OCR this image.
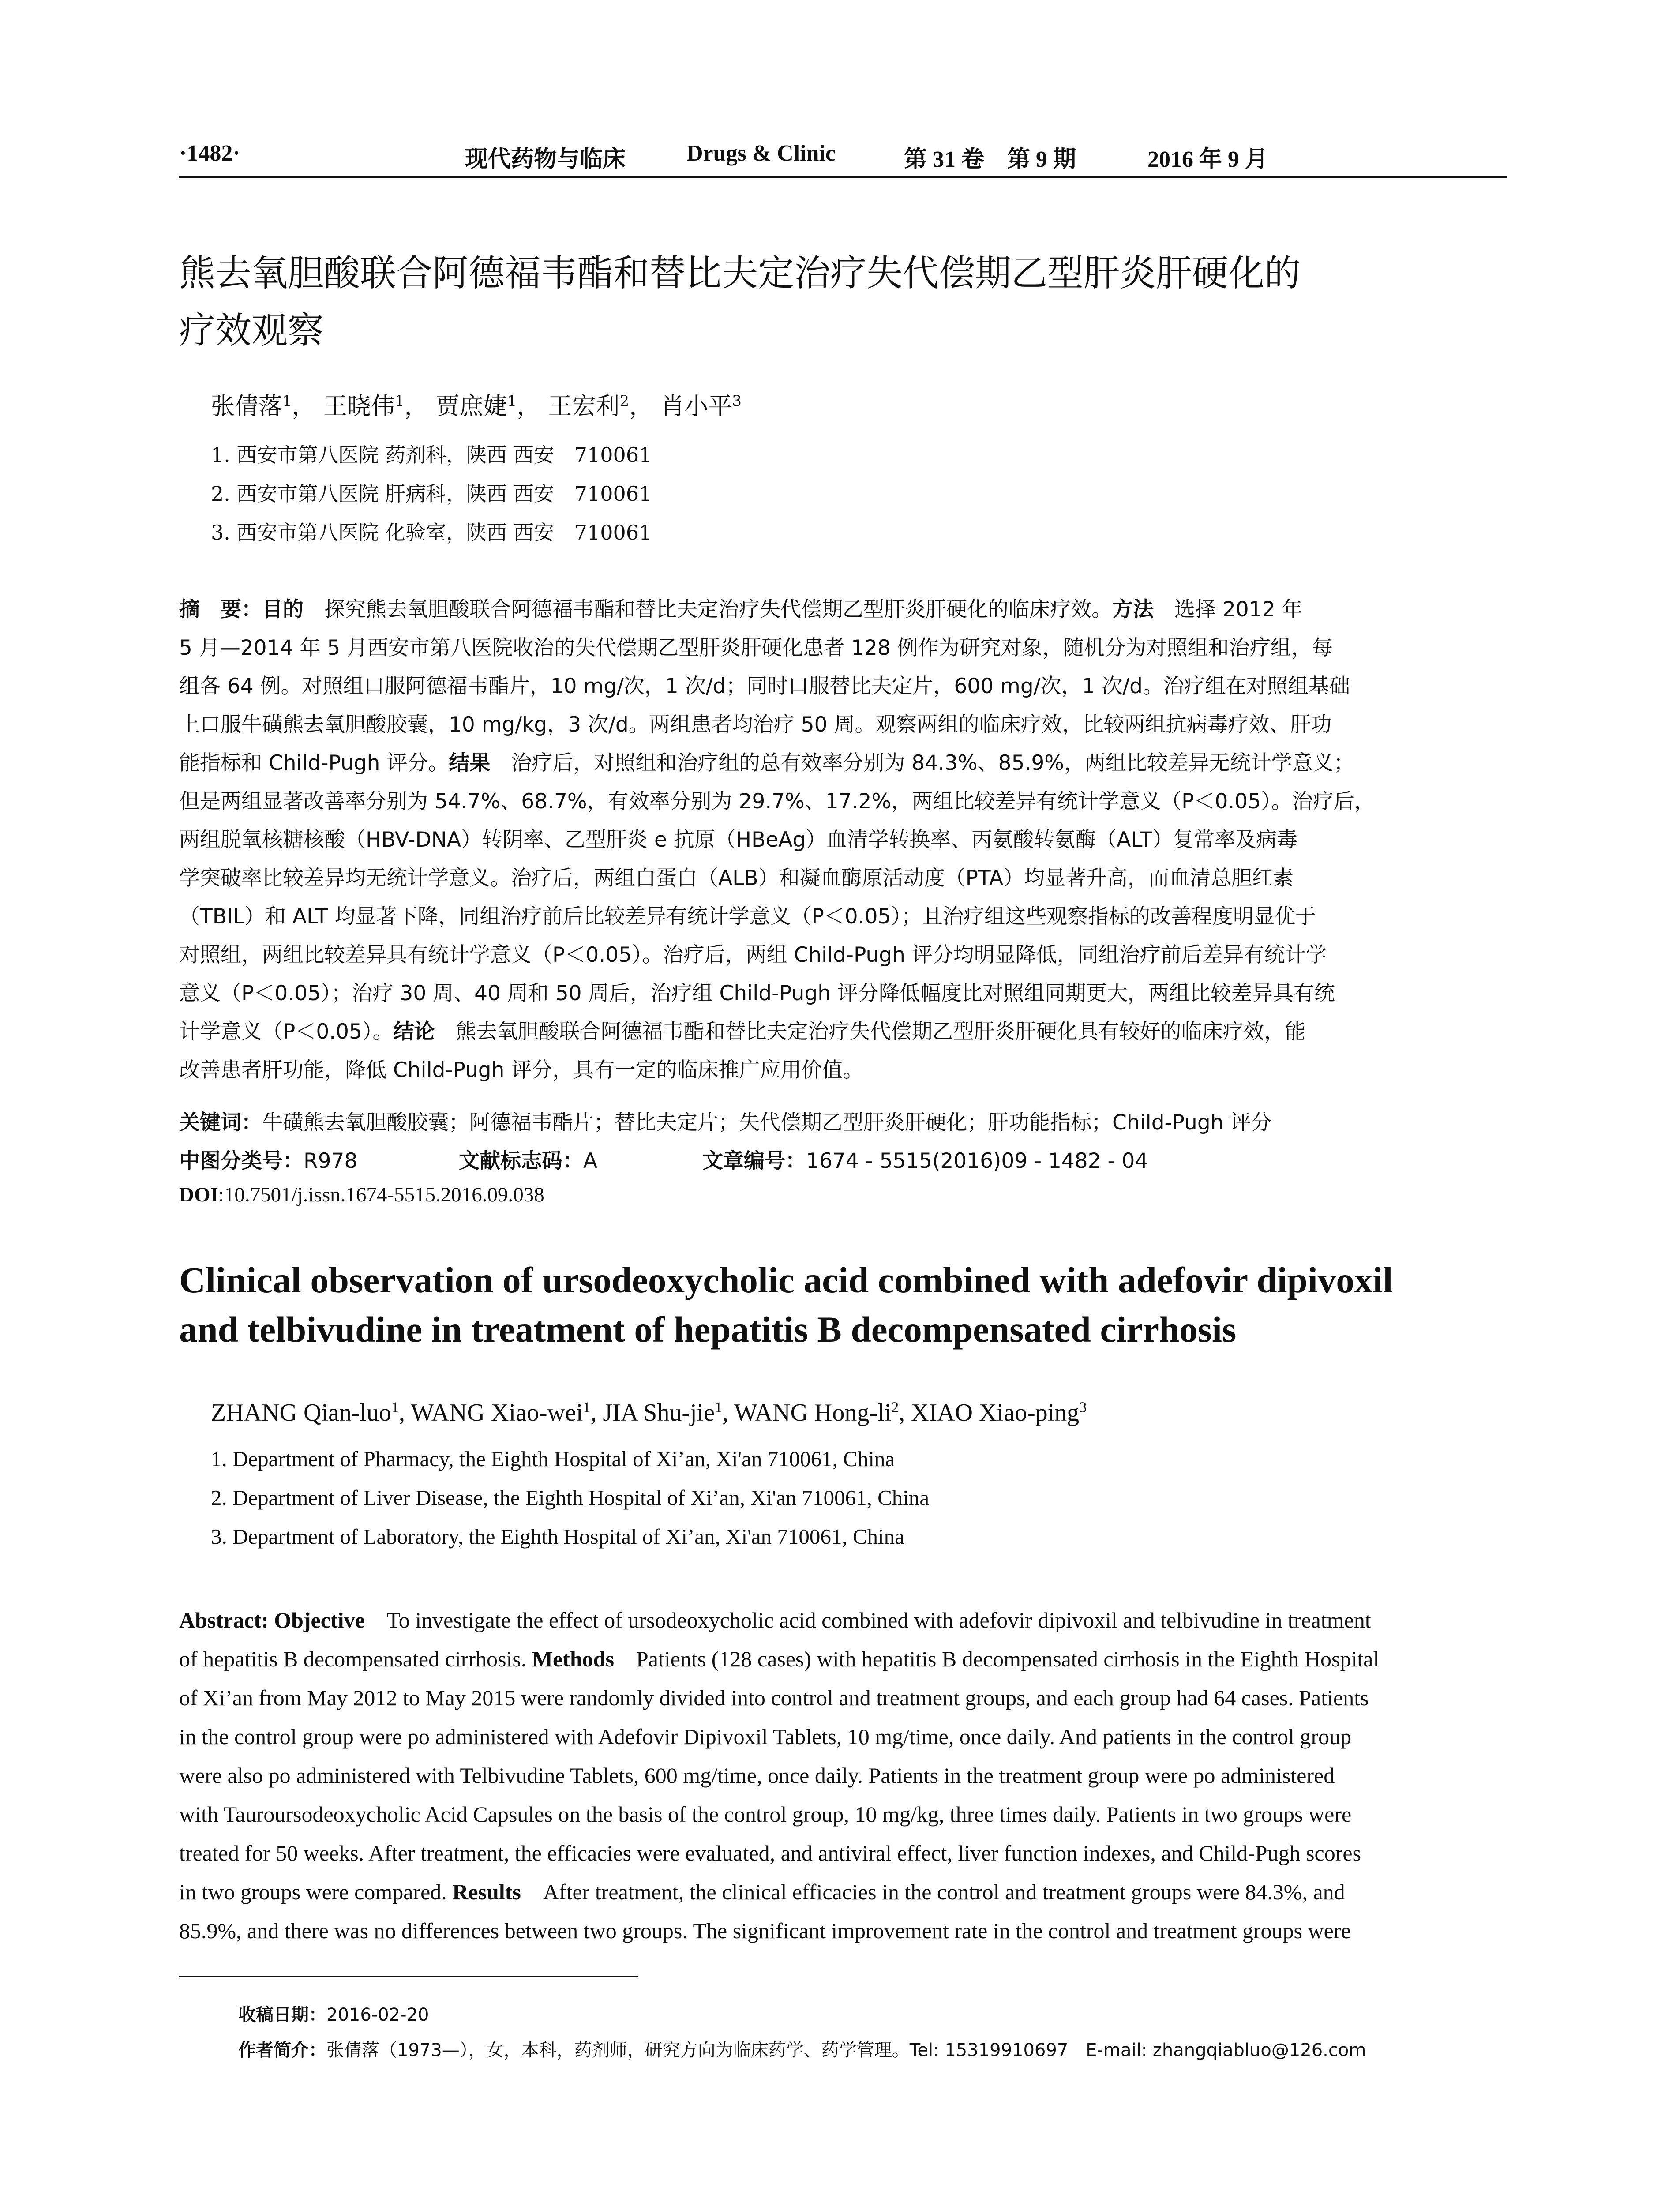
·1482·	现代药物与临床	Drugs & Clinic	第 31 卷　第 9 期	2016 年 9 月
熊去氧胆酸联合阿德福韦酯和替比夫定治疗失代偿期乙型肝炎肝硬化的
疗效观察
张倩落$^1$， 王晓伟$^1$， 贾庶婕$^1$， 王宏利$^2$， 肖小平$^3$
1. 西安市第八医院 药剂科，陕西 西安　710061
2. 西安市第八医院 肝病科，陕西 西安　710061
3. 西安市第八医院 化验室，陕西 西安　710061
摘　要：目的　探究熊去氧胆酸联合阿德福韦酯和替比夫定治疗失代偿期乙型肝炎肝硬化的临床疗效。方法　选择 2012 年
5 月—2014 年 5 月西安市第八医院收治的失代偿期乙型肝炎肝硬化患者 128 例作为研究对象，随机分为对照组和治疗组，每
组各 64 例。对照组口服阿德福韦酯片，10 mg/次，1 次/d；同时口服替比夫定片，600 mg/次，1 次/d。治疗组在对照组基础
上口服牛磺熊去氧胆酸胶囊，10 mg/kg，3 次/d。两组患者均治疗 50 周。观察两组的临床疗效，比较两组抗病毒疗效、肝功
能指标和 Child-Pugh 评分。结果　治疗后，对照组和治疗组的总有效率分别为 84.3%、85.9%，两组比较差异无统计学意义；
但是两组显著改善率分别为 54.7%、68.7%，有效率分别为 29.7%、17.2%，两组比较差异有统计学意义（P＜0.05）。治疗后，
两组脱氧核糖核酸（HBV-DNA）转阴率、乙型肝炎 e 抗原（HBeAg）血清学转换率、丙氨酸转氨酶（ALT）复常率及病毒
学突破率比较差异均无统计学意义。治疗后，两组白蛋白（ALB）和凝血酶原活动度（PTA）均显著升高，而血清总胆红素
（TBIL）和 ALT 均显著下降，同组治疗前后比较差异有统计学意义（P＜0.05）；且治疗组这些观察指标的改善程度明显优于
对照组，两组比较差异具有统计学意义（P＜0.05）。治疗后，两组 Child-Pugh 评分均明显降低，同组治疗前后差异有统计学
意义（P＜0.05）；治疗 30 周、40 周和 50 周后，治疗组 Child-Pugh 评分降低幅度比对照组同期更大，两组比较差异具有统
计学意义（P＜0.05）。结论　熊去氧胆酸联合阿德福韦酯和替比夫定治疗失代偿期乙型肝炎肝硬化具有较好的临床疗效，能
改善患者肝功能，降低 Child-Pugh 评分，具有一定的临床推广应用价值。
关键词：牛磺熊去氧胆酸胶囊；阿德福韦酯片；替比夫定片；失代偿期乙型肝炎肝硬化；肝功能指标；Child-Pugh 评分
中图分类号：R978	文献标志码：A	文章编号：1674 - 5515(2016)09 - 1482 - 04
DOI:10.7501/j.issn.1674-5515.2016.09.038
Clinical observation of ursodeoxycholic acid combined with adefovir dipivoxil
and telbivudine in treatment of hepatitis B decompensated cirrhosis
ZHANG Qian-luo$^1$, WANG Xiao-wei$^1$, JIA Shu-jie$^1$, WANG Hong-$li^2$, XIAO Xiao-ping$^3$
1. Department of Pharmacy, the Eighth Hospital of Xi’an, Xi'an 710061, China
2. Department of Liver Disease, the Eighth Hospital of Xi’an, Xi'an 710061, China
3. Department of Laboratory, the Eighth Hospital of Xi’an, Xi'an 710061, China
Abstract: Objective　To investigate the effect of ursodeoxycholic acid combined with adefovir dipivoxil and telbivudine in treatment
of hepatitis B decompensated cirrhosis. Methods　Patients (128 cases) with hepatitis B decompensated cirrhosis in the Eighth Hospital
of Xi’an from May 2012 to May 2015 were randomly divided into control and treatment groups, and each group had 64 cases. Patients
in the control group were po administered with Adefovir Dipivoxil Tablets, 10 mg/time, once daily. And patients in the control group
were also po administered with Telbivudine Tablets, 600 mg/time, once daily. Patients in the treatment group were po administered
with Tauroursodeoxycholic Acid Capsules on the basis of the control group, 10 mg/kg, three times daily. Patients in two groups were
treated for 50 weeks. After treatment, the efficacies were evaluated, and antiviral effect, liver function indexes, and Child-Pugh scores
in two groups were compared. Results　After treatment, the clinical efficacies in the control and treatment groups were 84.3%, and
85.9%, and there was no differences between two groups. The significant improvement rate in the control and treatment groups were
收稿日期：2016-02-20
作者简介：张倩落（1973—），女，本科，药剂师，研究方向为临床药学、药学管理。Tel: 15319910697　E-mail: zhangqiabluo@126.com
